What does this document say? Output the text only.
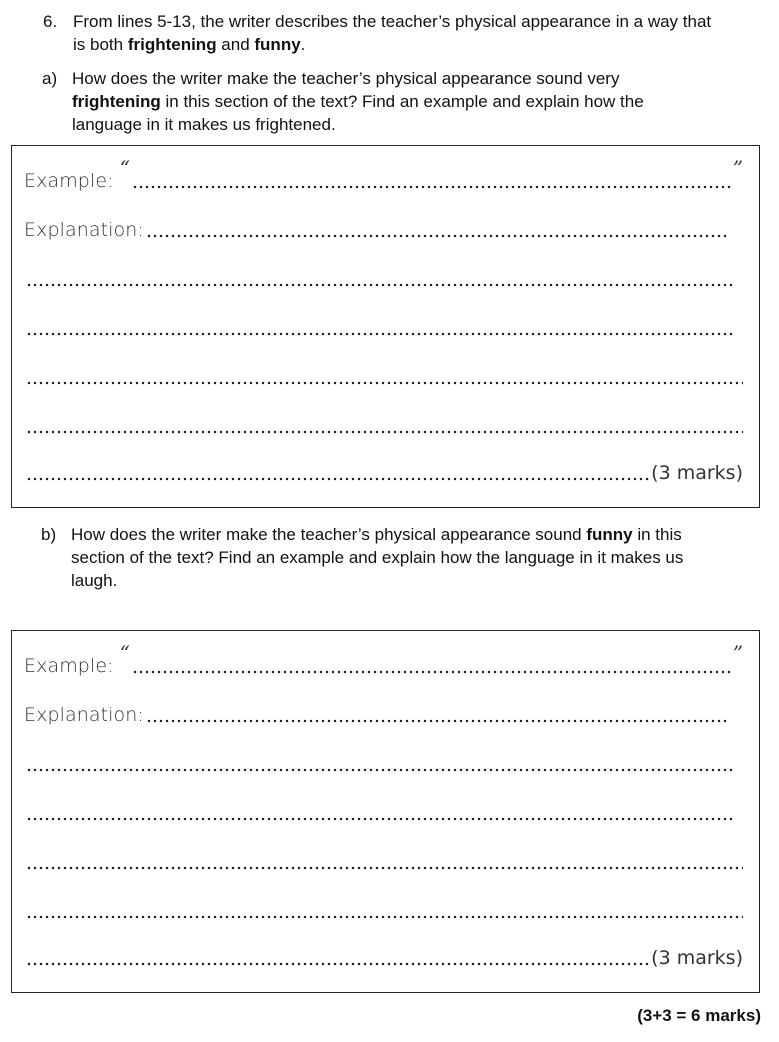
6. From lines 5-13, the writer describes the teacher’s physical appearance in a way that
is both frightening and funny.
a) How does the writer make the teacher’s physical appearance sound very
frightening in this section of the text? Find an example and explain how the
language in it makes us frightened.
Example:
“	”
Explanation:
(3 marks)
b) How does the writer make the teacher’s physical appearance sound funny in this
section of the text? Find an example and explain how the language in it makes us
laugh.
Example:
“	”
Explanation:
(3 marks)
(3+3 = 6 marks)
